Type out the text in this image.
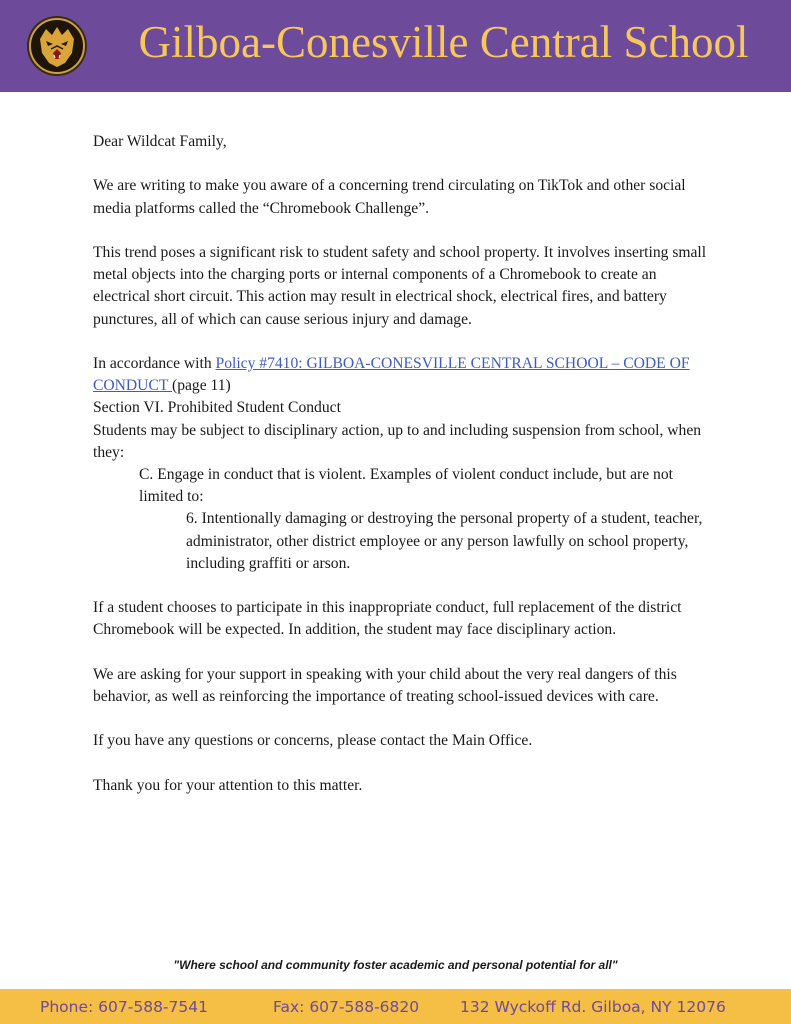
Gilboa-Conesville Central School

Dear Wildcat Family,

We are writing to make you aware of a concerning trend circulating on TikTok and other social media platforms called the “Chromebook Challenge”.

This trend poses a significant risk to student safety and school property. It involves inserting small metal objects into the charging ports or internal components of a Chromebook to create an electrical short circuit. This action may result in electrical shock, electrical fires, and battery punctures, all of which can cause serious injury and damage.

In accordance with Policy #7410: GILBOA-CONESVILLE CENTRAL SCHOOL – CODE OF CONDUCT (page 11)

Section VI. Prohibited Student Conduct

Students may be subject to disciplinary action, up to and including suspension from school, when they:

C. Engage in conduct that is violent. Examples of violent conduct include, but are not limited to:

6. Intentionally damaging or destroying the personal property of a student, teacher, administrator, other district employee or any person lawfully on school property, including graffiti or arson.

If a student chooses to participate in this inappropriate conduct, full replacement of the district Chromebook will be expected. In addition, the student may face disciplinary action.

We are asking for your support in speaking with your child about the very real dangers of this behavior, as well as reinforcing the importance of treating school-issued devices with care.

If you have any questions or concerns, please contact the Main Office.

Thank you for your attention to this matter.

"Where school and community foster academic and personal potential for all"
Phone: 607-588-7541	Fax: 607-588-6820	132 Wyckoff Rd. Gilboa, NY 12076
